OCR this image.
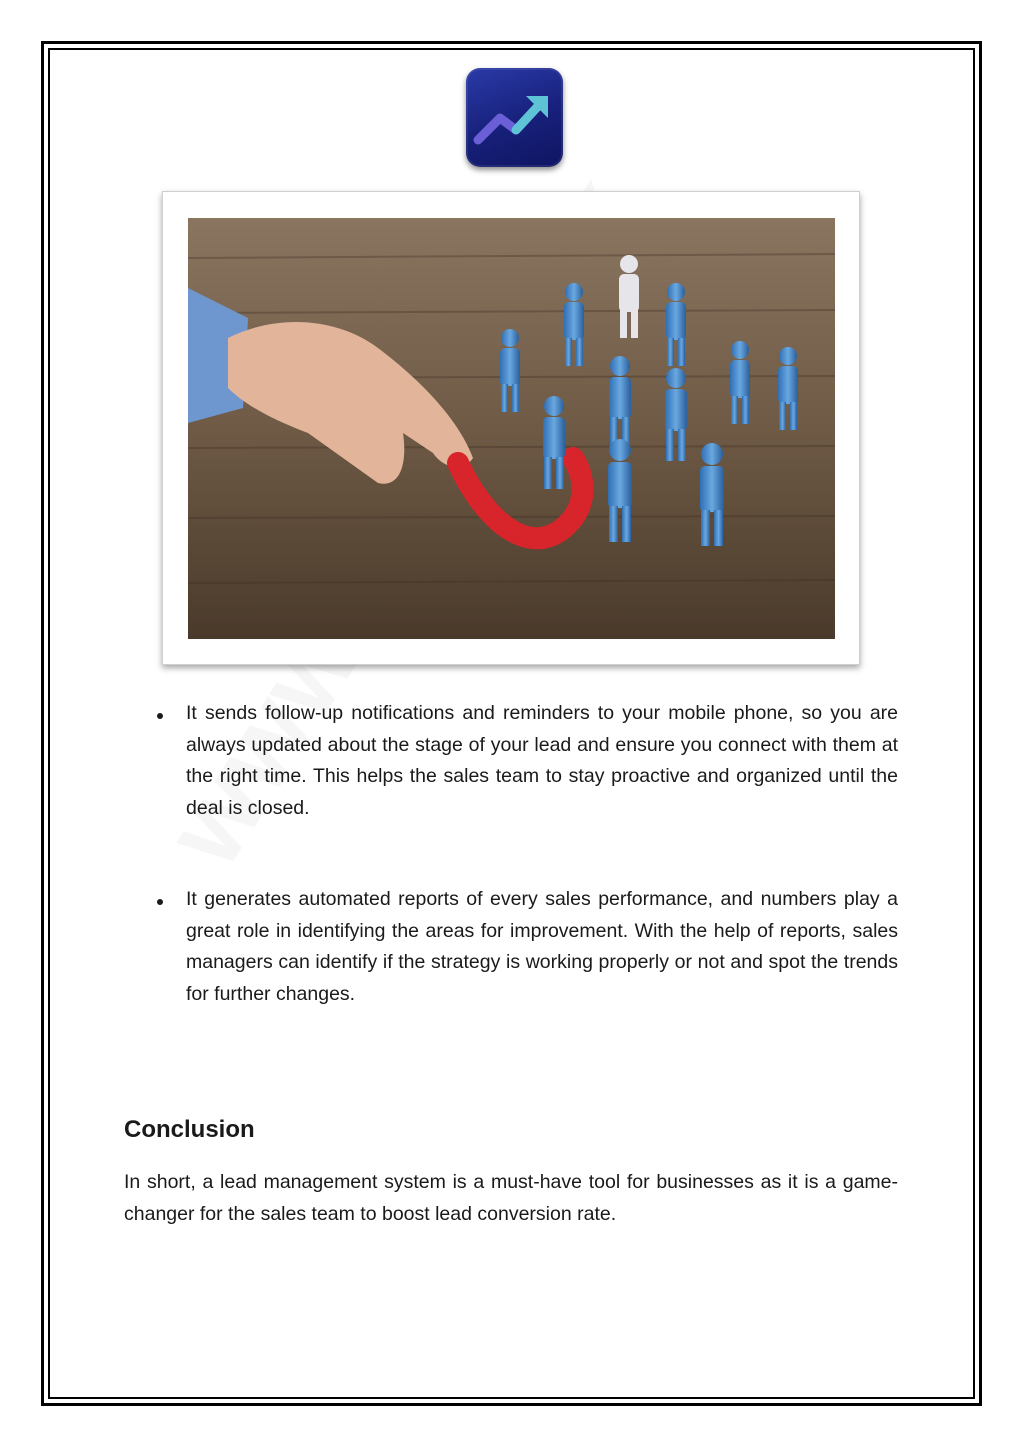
It sends follow-up notifications and reminders to your mobile phone, so you are always updated about the stage of your lead and ensure you connect with them at the right time. This helps the sales team to stay proactive and organized until the deal is closed.
It generates automated reports of every sales performance, and numbers play a great role in identifying the areas for improvement. With the help of reports, sales managers can identify if the strategy is working properly or not and spot the trends for further changes.
Conclusion
In short, a lead management system is a must-have tool for businesses as it is a game-changer for the sales team to boost lead conversion rate.
